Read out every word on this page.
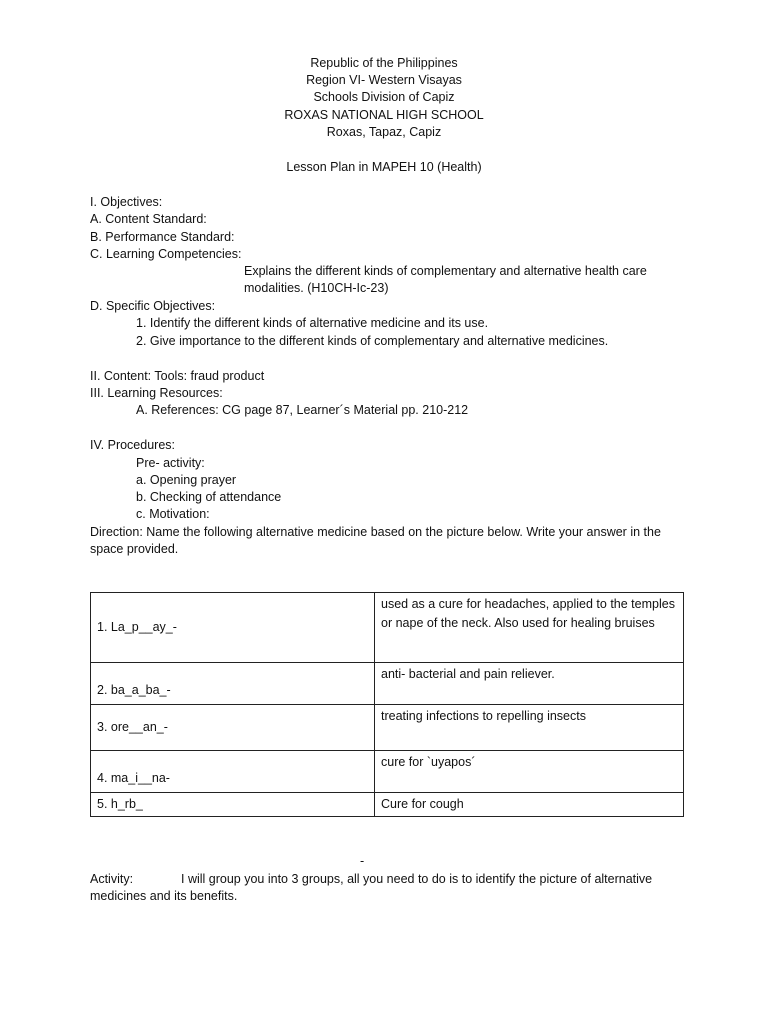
Republic of the Philippines
Region VI- Western Visayas
Schools Division of Capiz
ROXAS NATIONAL HIGH SCHOOL
Roxas, Tapaz, Capiz
Lesson Plan in MAPEH 10 (Health)
I. Objectives:
A. Content Standard:
B. Performance Standard:
C. Learning Competencies:
Explains the different kinds of complementary and alternative health care modalities. (H10CH-Ic-23)
D. Specific Objectives:
1. Identify the different kinds of alternative medicine and its use.
2. Give importance to the different kinds of complementary and alternative medicines.
II. Content: Tools: fraud product
III. Learning Resources:
A. References: CG page 87, Learner´s Material pp. 210-212
IV. Procedures:
Pre- activity:
a. Opening prayer
b. Checking of attendance
c. Motivation:
Direction: Name the following alternative medicine based on the picture below. Write your answer in the space provided.
1. La_p__ay_-	used as a cure for headaches, applied to the temples or nape of the neck. Also used for healing bruises
2. ba_a_ba_-	anti- bacterial and pain reliever.
3. ore__an_-	treating infections to repelling insects
4. ma_i__na-	cure for `uyapos´
5. h_rb_	Cure for cough
-
Activity:	I will group you into 3 groups, all you need to do is to identify the picture of alternative
medicines and its benefits.
